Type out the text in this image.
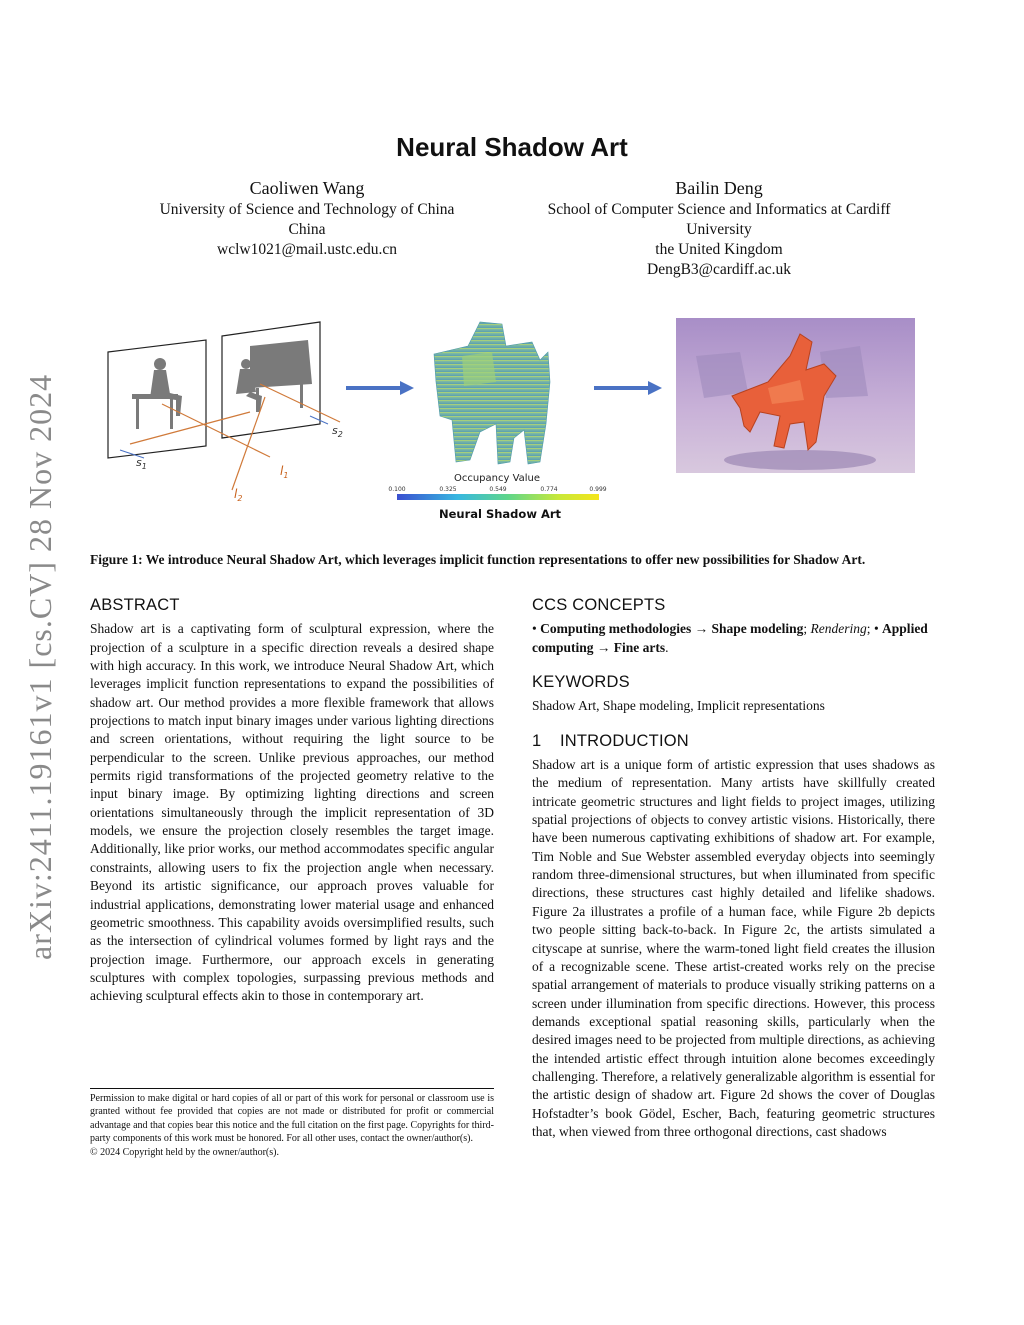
arXiv:2411.19161v1 [cs.CV] 28 Nov 2024
Neural Shadow Art
Caoliwen Wang
University of Science and Technology of China
China
wclw1021@mail.ustc.edu.cn
Bailin Deng
School of Computer Science and Informatics at Cardiff
University
the United Kingdom
DengB3@cardiff.ac.uk
$s_1$
$s_2$
$l_1$
$l_2$
Occupancy Value
0.100	0.325	0.549	0.774	0.999
Neural Shadow Art
Figure 1: We introduce Neural Shadow Art, which leverages implicit function representations to offer new possibilities for Shadow Art.
ABSTRACT

Shadow art is a captivating form of sculptural expression, where the projection of a sculpture in a specific direction reveals a desired shape with high accuracy. In this work, we introduce Neural Shadow Art, which leverages implicit function representations to expand the possibilities of shadow art. Our method provides a more flexible framework that allows projections to match input binary images under various lighting directions and screen orientations, without requiring the light source to be perpendicular to the screen. Unlike previous approaches, our method permits rigid transformations of the projected geometry relative to the input binary image. By optimizing lighting directions and screen orientations simultaneously through the implicit representation of 3D models, we ensure the projection closely resembles the target image. Additionally, like prior works, our method accommodates specific angular constraints, allowing users to fix the projection angle when necessary. Beyond its artistic significance, our approach proves valuable for industrial applications, demonstrating lower material usage and enhanced geometric smoothness. This capability avoids oversimplified results, such as the intersection of cylindrical volumes formed by light rays and the projection image. Furthermore, our approach excels in generating sculptures with complex topologies, surpassing previous methods and achieving sculptural effects akin to those in contemporary art.

Permission to make digital or hard copies of all or part of this work for personal or classroom use is granted without fee provided that copies are not made or distributed for profit or commercial advantage and that copies bear this notice and the full citation on the first page. Copyrights for third-party components of this work must be honored. For all other uses, contact the owner/author(s).
© 2024 Copyright held by the owner/author(s).
CCS CONCEPTS

• Computing methodologies → Shape modeling; Rendering; • Applied computing → Fine arts.

KEYWORDS

Shadow Art, Shape modeling, Implicit representations

1 INTRODUCTION

Shadow art is a unique form of artistic expression that uses shadows as the medium of representation. Many artists have skillfully created intricate geometric structures and light fields to project images, utilizing spatial projections of objects to convey artistic visions. Historically, there have been numerous captivating exhibitions of shadow art. For example, Tim Noble and Sue Webster assembled everyday objects into seemingly random three-dimensional structures, but when illuminated from specific directions, these structures cast highly detailed and lifelike shadows. Figure 2a illustrates a profile of a human face, while Figure 2b depicts two people sitting back-to-back. In Figure 2c, the artists simulated a cityscape at sunrise, where the warm-toned light field creates the illusion of a recognizable scene. These artist-created works rely on the precise spatial arrangement of materials to produce visually striking patterns on a screen under illumination from specific directions. However, this process demands exceptional spatial reasoning skills, particularly when the desired images need to be projected from multiple directions, as achieving the intended artistic effect through intuition alone becomes exceedingly challenging. Therefore, a relatively generalizable algorithm is essential for the artistic design of shadow art. Figure 2d shows the cover of Douglas Hofstadter’s book Gödel, Escher, Bach, featuring geometric structures that, when viewed from three orthogonal directions, cast shadows
